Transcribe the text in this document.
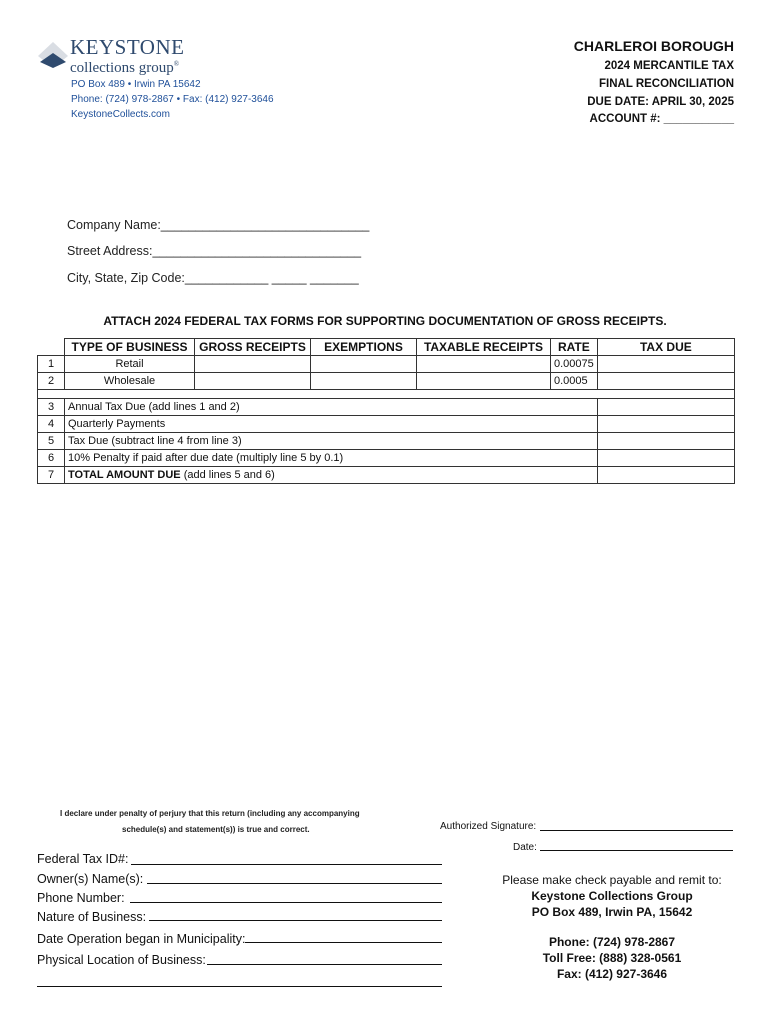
KEYSTONE
collections group®
PO Box 489 • Irwin PA 15642
Phone: (724) 978-2867 • Fax: (412) 927-3646
KeystoneCollects.com
CHARLEROI BOROUGH
2024 MERCANTILE TAX
FINAL RECONCILIATION
DUE DATE: APRIL 30, 2025
ACCOUNT #: ___________
Company Name:______________________________
Street Address:______________________________
City, State, Zip Code:____________ _____ _______
ATTACH 2024 FEDERAL TAX FORMS FOR SUPPORTING DOCUMENTATION OF GROSS RECEIPTS.
	TYPE OF BUSINESS	GROSS RECEIPTS	EXEMPTIONS	TAXABLE RECEIPTS	RATE	TAX DUE
1	Retail				0.00075	
2	Wholesale				0.0005	

3	Annual Tax Due (add lines 1 and 2)					
4	Quarterly Payments					
5	Tax Due (subtract line 4 from line 3)					
6	10% Penalty if paid after due date (multiply line 5 by 0.1)					
7	TOTAL AMOUNT DUE (add lines 5 and 6)					
I declare under penalty of perjury that this return (including any accompanying
schedule(s) and statement(s)) is true and correct.	Authorized Signature:
Date:
Federal Tax ID#:
Owner(s) Name(s):
Phone Number:
Nature of Business:
Date Operation began in Municipality:
Physical Location of Business:
Please make check payable and remit to:
Keystone Collections Group
PO Box 489, Irwin PA, 15642
Phone: (724) 978-2867
Toll Free: (888) 328-0561
Fax: (412) 927-3646
